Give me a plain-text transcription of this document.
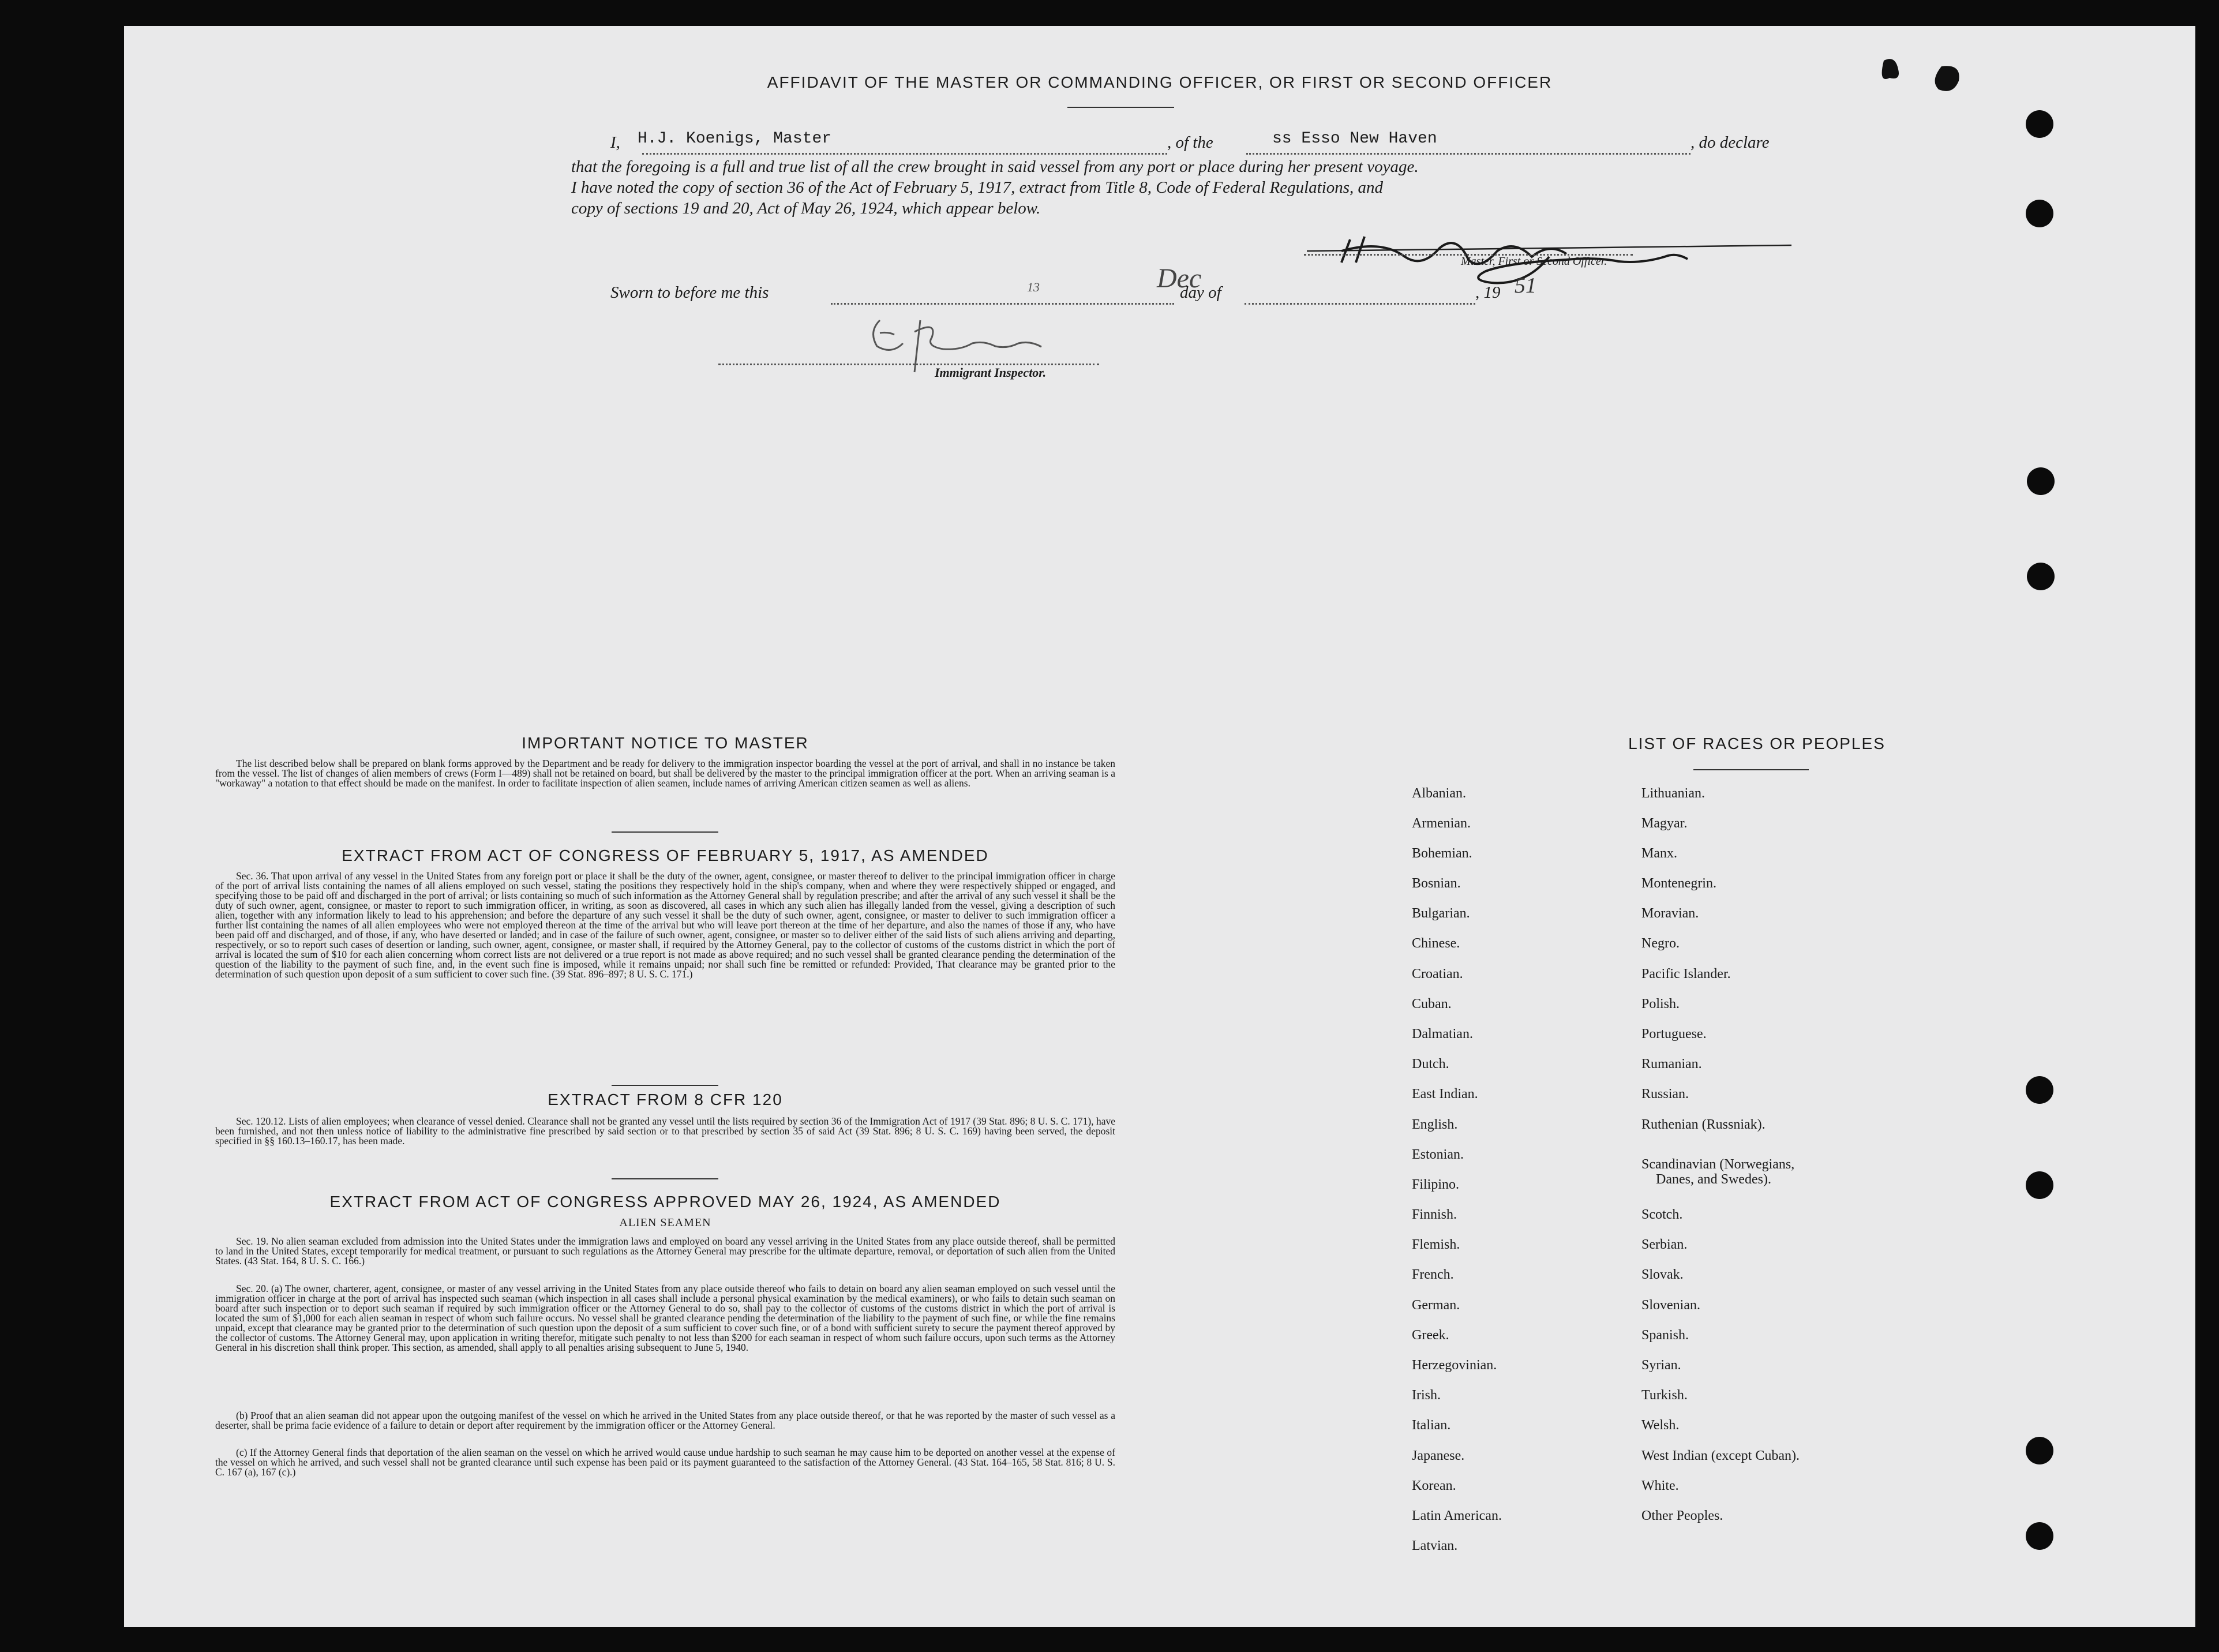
AFFIDAVIT OF THE MASTER OR COMMANDING OFFICER, OR FIRST OR SECOND OFFICER
I, H.J. Koenigs, Master	, of the	ss Esso New Haven	, do declare
that the foregoing is a full and true list of all the crew brought in said vessel from any port or place during her present voyage.
I have noted the copy of section 36 of the Act of February 5, 1917, extract from Title 8, Code of Federal Regulations, and
copy of sections 19 and 20, Act of May 26, 1924, which appear below.
Master, First or Second Officer.
Sworn to before me this	13	day of
Dec	, 19 51
Immigrant Inspector.
IMPORTANT NOTICE TO MASTER
The list described below shall be prepared on blank forms approved by the Department and be ready for delivery to the immigration inspector boarding the vessel at the port of arrival, and shall in no instance be taken from the vessel. The list of changes of alien members of crews (Form I—489) shall not be retained on board, but shall be delivered by the master to the principal immigration officer at the port. When an arriving seaman is a "workaway" a notation to that effect should be made on the manifest. In order to facilitate inspection of alien seamen, include names of arriving American citizen seamen as well as aliens.
EXTRACT FROM ACT OF CONGRESS OF FEBRUARY 5, 1917, AS AMENDED
Sec. 36. That upon arrival of any vessel in the United States from any foreign port or place it shall be the duty of the owner, agent, consignee, or master thereof to deliver to the principal immigration officer in charge of the port of arrival lists containing the names of all aliens employed on such vessel, stating the positions they respectively hold in the ship's company, when and where they were respectively shipped or engaged, and specifying those to be paid off and discharged in the port of arrival; or lists containing so much of such information as the Attorney General shall by regulation prescribe; and after the arrival of any such vessel it shall be the duty of such owner, agent, consignee, or master to report to such immigration officer, in writing, as soon as discovered, all cases in which any such alien has illegally landed from the vessel, giving a description of such alien, together with any information likely to lead to his apprehension; and before the departure of any such vessel it shall be the duty of such owner, agent, consignee, or master to deliver to such immigration officer a further list containing the names of all alien employees who were not employed thereon at the time of the arrival but who will leave port thereon at the time of her departure, and also the names of those if any, who have been paid off and discharged, and of those, if any, who have deserted or landed; and in case of the failure of such owner, agent, consignee, or master so to deliver either of the said lists of such aliens arriving and departing, respectively, or so to report such cases of desertion or landing, such owner, agent, consignee, or master shall, if required by the Attorney General, pay to the collector of customs of the customs district in which the port of arrival is located the sum of $10 for each alien concerning whom correct lists are not delivered or a true report is not made as above required; and no such vessel shall be granted clearance pending the determination of the question of the liability to the payment of such fine, and, in the event such fine is imposed, while it remains unpaid; nor shall such fine be remitted or refunded: Provided, That clearance may be granted prior to the determination of such question upon deposit of a sum sufficient to cover such fine. (39 Stat. 896–897; 8 U. S. C. 171.)
EXTRACT FROM 8 CFR 120
Sec. 120.12. Lists of alien employees; when clearance of vessel denied. Clearance shall not be granted any vessel until the lists required by section 36 of the Immigration Act of 1917 (39 Stat. 896; 8 U. S. C. 171), have been furnished, and not then unless notice of liability to the administrative fine prescribed by said section or to that prescribed by section 35 of said Act (39 Stat. 896; 8 U. S. C. 169) having been served, the deposit specified in §§ 160.13–160.17, has been made.
EXTRACT FROM ACT OF CONGRESS APPROVED MAY 26, 1924, AS AMENDED
ALIEN SEAMEN
Sec. 19. No alien seaman excluded from admission into the United States under the immigration laws and employed on board any vessel arriving in the United States from any place outside thereof, shall be permitted to land in the United States, except temporarily for medical treatment, or pursuant to such regulations as the Attorney General may prescribe for the ultimate departure, removal, or deportation of such alien from the United States. (43 Stat. 164, 8 U. S. C. 166.)
Sec. 20. (a) The owner, charterer, agent, consignee, or master of any vessel arriving in the United States from any place outside thereof who fails to detain on board any alien seaman employed on such vessel until the immigration officer in charge at the port of arrival has inspected such seaman (which inspection in all cases shall include a personal physical examination by the medical examiners), or who fails to detain such seaman on board after such inspection or to deport such seaman if required by such immigration officer or the Attorney General to do so, shall pay to the collector of customs of the customs district in which the port of arrival is located the sum of $1,000 for each alien seaman in respect of whom such failure occurs. No vessel shall be granted clearance pending the determination of the liability to the payment of such fine, or while the fine remains unpaid, except that clearance may be granted prior to the determination of such question upon the deposit of a sum sufficient to cover such fine, or of a bond with sufficient surety to secure the payment thereof approved by the collector of customs. The Attorney General may, upon application in writing therefor, mitigate such penalty to not less than $200 for each seaman in respect of whom such failure occurs, upon such terms as the Attorney General in his discretion shall think proper. This section, as amended, shall apply to all penalties arising subsequent to June 5, 1940.
(b) Proof that an alien seaman did not appear upon the outgoing manifest of the vessel on which he arrived in the United States from any place outside thereof, or that he was reported by the master of such vessel as a deserter, shall be prima facie evidence of a failure to detain or deport after requirement by the immigration officer or the Attorney General.
(c) If the Attorney General finds that deportation of the alien seaman on the vessel on which he arrived would cause undue hardship to such seaman he may cause him to be deported on another vessel at the expense of the vessel on which he arrived, and such vessel shall not be granted clearance until such expense has been paid or its payment guaranteed to the satisfaction of the Attorney General. (43 Stat. 164–165, 58 Stat. 816; 8 U. S. C. 167 (a), 167 (c).)
LIST OF RACES OR PEOPLES
Albanian.
Armenian.
Bohemian.
Bosnian.
Bulgarian.
Chinese.
Croatian.
Cuban.
Dalmatian.
Dutch.
East Indian.
English.
Estonian.
Filipino.
Finnish.
Flemish.
French.
German.
Greek.
Herzegovinian.
Irish.
Italian.
Japanese.
Korean.
Latin American.
Latvian.
Lithuanian.
Magyar.
Manx.
Montenegrin.
Moravian.
Negro.
Pacific Islander.
Polish.
Portuguese.
Rumanian.
Russian.
Ruthenian (Russniak).
Scandinavian (Norwegians,
Danes, and Swedes).
Scotch.
Serbian.
Slovak.
Slovenian.
Spanish.
Syrian.
Turkish.
Welsh.
West Indian (except Cuban).
White.
Other Peoples.
